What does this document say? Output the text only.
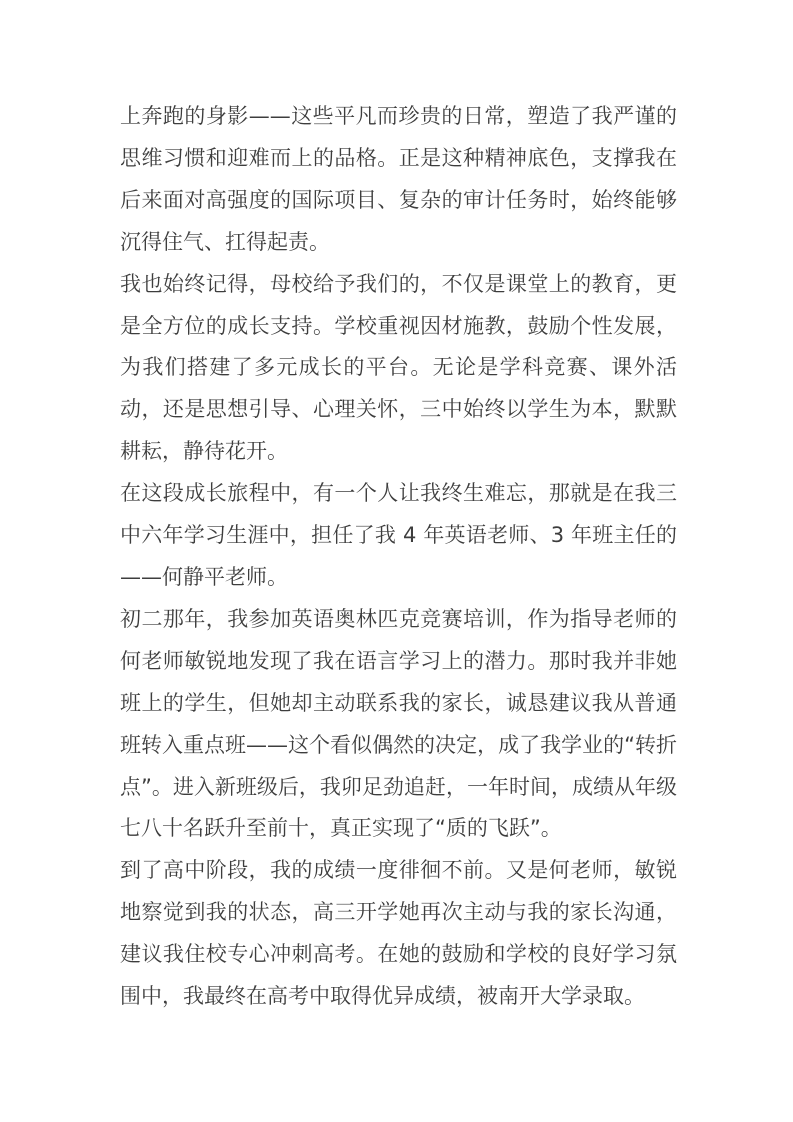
上奔跑的身影——这些平凡而珍贵的日常，塑造了我严谨的思维习惯和迎难而上的品格。正是这种精神底色，支撑我在后来面对高强度的国际项目、复杂的审计任务时，始终能够沉得住气、扛得起责。

我也始终记得，母校给予我们的，不仅是课堂上的教育，更是全方位的成长支持。学校重视因材施教，鼓励个性发展，为我们搭建了多元成长的平台。无论是学科竞赛、课外活动，还是思想引导、心理关怀，三中始终以学生为本，默默耕耘，静待花开。

在这段成长旅程中，有一个人让我终生难忘，那就是在我三中六年学习生涯中，担任了我 4 年英语老师、3 年班主任的——何静平老师。

初二那年，我参加英语奥林匹克竞赛培训，作为指导老师的何老师敏锐地发现了我在语言学习上的潜力。那时我并非她班上的学生，但她却主动联系我的家长，诚恳建议我从普通班转入重点班——这个看似偶然的决定，成了我学业的“转折点”。进入新班级后，我卯足劲追赶，一年时间，成绩从年级七八十名跃升至前十，真正实现了“质的飞跃”。

到了高中阶段，我的成绩一度徘徊不前。又是何老师，敏锐地察觉到我的状态，高三开学她再次主动与我的家长沟通，建议我住校专心冲刺高考。在她的鼓励和学校的良好学习氛围中，我最终在高考中取得优异成绩，被南开大学录取。
